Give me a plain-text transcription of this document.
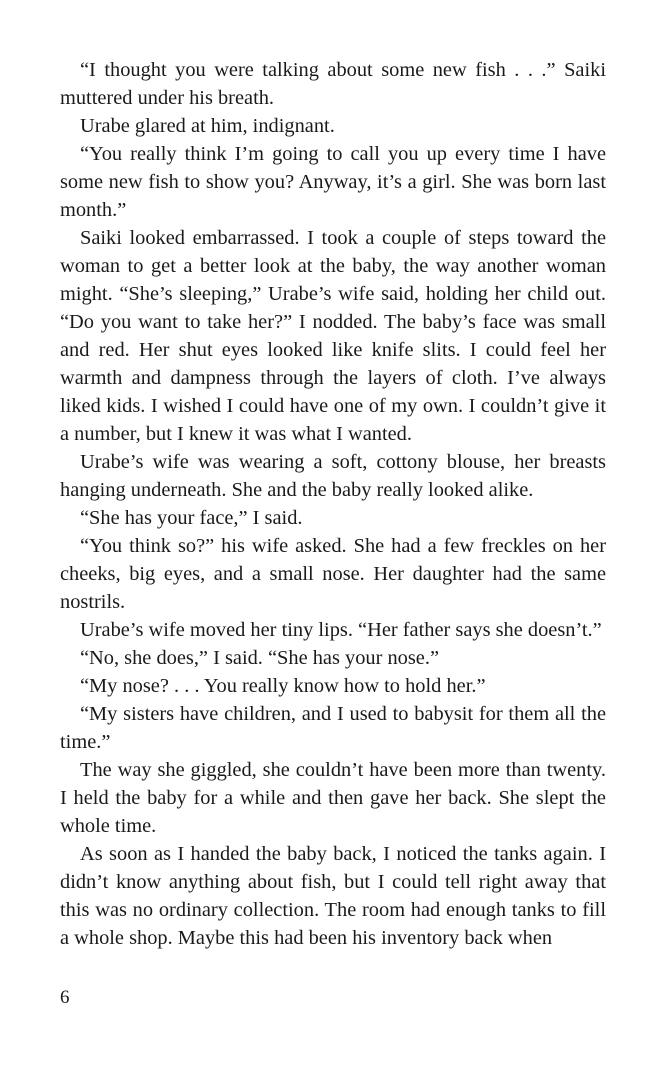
“I thought you were talking about some new fish . . .” Saiki muttered under his breath.

Urabe glared at him, indignant.

“You really think I’m going to call you up every time I have some new fish to show you? Anyway, it’s a girl. She was born last month.”

Saiki looked embarrassed. I took a couple of steps toward the woman to get a better look at the baby, the way another woman might. “She’s sleeping,” Urabe’s wife said, holding her child out. “Do you want to take her?” I nodded. The baby’s face was small and red. Her shut eyes looked like knife slits. I could feel her warmth and dampness through the layers of cloth. I’ve always liked kids. I wished I could have one of my own. I couldn’t give it a number, but I knew it was what I wanted.

Urabe’s wife was wearing a soft, cottony blouse, her breasts hanging underneath. She and the baby really looked alike.

“She has your face,” I said.

“You think so?” his wife asked. She had a few freckles on her cheeks, big eyes, and a small nose. Her daughter had the same nostrils.

Urabe’s wife moved her tiny lips. “Her father says she doesn’t.”

“No, she does,” I said. “She has your nose.”

“My nose? . . . You really know how to hold her.”

“My sisters have children, and I used to babysit for them all the time.”

The way she giggled, she couldn’t have been more than twenty. I held the baby for a while and then gave her back. She slept the whole time.

As soon as I handed the baby back, I noticed the tanks again. I didn’t know anything about fish, but I could tell right away that this was no ordinary collection. The room had enough tanks to fill a whole shop. Maybe this had been his inventory back when

6
